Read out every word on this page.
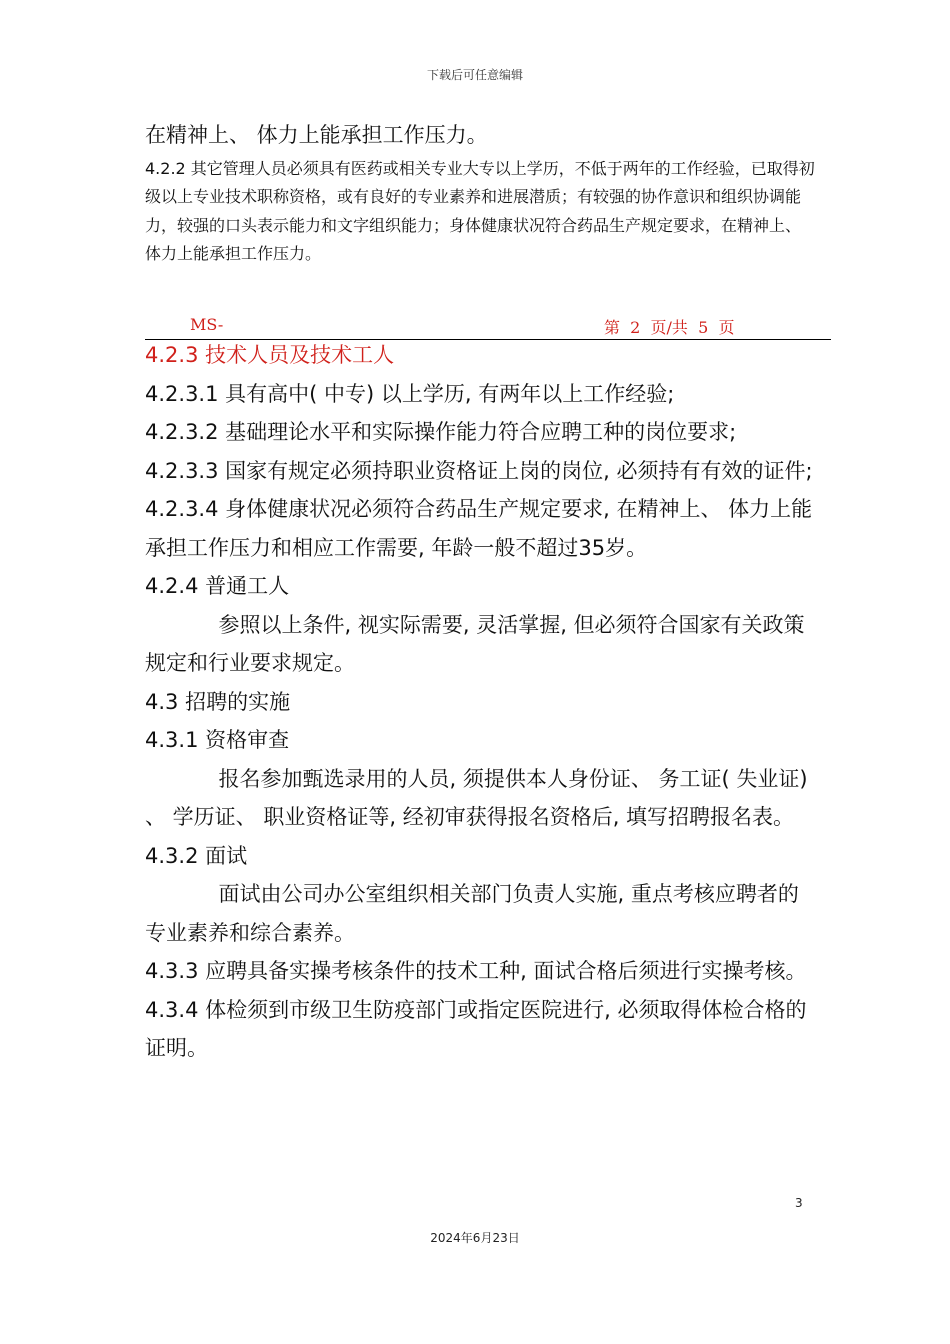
下载后可任意编辑

在精神上、 体力上能承担工作压力。

4.2.2 其它管理人员必须具有医药或相关专业大专以上学历，不低于两年的工作经验，已取得初级以上专业技术职称资格，或有良好的专业素养和进展潜质；有较强的协作意识和组织协调能力，较强的口头表示能力和文字组织能力；身体健康状况符合药品生产规定要求，在精神上、 体力上能承担工作压力。

MS-	第  2  页/共  5  页

4.2.3 技术人员及技术工人

4.2.3.1 具有高中( 中专) 以上学历, 有两年以上工作经验;

4.2.3.2 基础理论水平和实际操作能力符合应聘工种的岗位要求;

4.2.3.3 国家有规定必须持职业资格证上岗的岗位, 必须持有有效的证件;

4.2.3.4 身体健康状况必须符合药品生产规定要求, 在精神上、 体力上能承担工作压力和相应工作需要, 年龄一般不超过35岁。

4.2.4 普通工人

参照以上条件, 视实际需要, 灵活掌握, 但必须符合国家有关政策规定和行业要求规定。

4.3 招聘的实施

4.3.1 资格审查

报名参加甄选录用的人员, 须提供本人身份证、 务工证( 失业证) 、 学历证、 职业资格证等, 经初审获得报名资格后, 填写招聘报名表。

4.3.2 面试

面试由公司办公室组织相关部门负责人实施, 重点考核应聘者的专业素养和综合素养。

4.3.3 应聘具备实操考核条件的技术工种, 面试合格后须进行实操考核。

4.3.4 体检须到市级卫生防疫部门或指定医院进行, 必须取得体检合格的证明。

3
2024年6月23日
